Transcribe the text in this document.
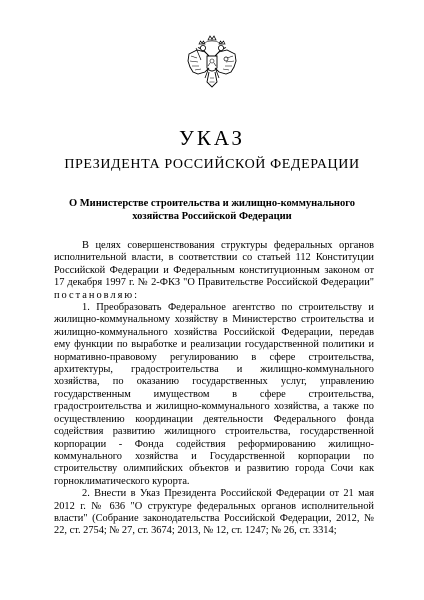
УКАЗ
ПРЕЗИДЕНТА РОССИЙСКОЙ ФЕДЕРАЦИИ
О Министерстве строительства и жилищно-коммунального хозяйства Российской Федерации

В целях совершенствования структуры федеральных органов исполнительной власти, в соответствии со статьей 112 Конституции Российской Федерации и Федеральным конституционным законом от 17 декабря 1997 г. № 2-ФКЗ "О Правительстве Российской Федерации" постановляю:

1. Преобразовать Федеральное агентство по строительству и жилищно-коммунальному хозяйству в Министерство строительства и жилищно-коммунального хозяйства Российской Федерации, передав ему функции по выработке и реализации государственной политики и нормативно-правовому регулированию в сфере строительства, архитектуры, градостроительства и жилищно-коммунального хозяйства, по оказанию государственных услуг, управлению государственным имуществом в сфере строительства, градостроительства и жилищно-коммунального хозяйства, а также по осуществлению координации деятельности Федерального фонда содействия развитию жилищного строительства, государственной корпорации - Фонда содействия реформированию жилищно-коммунального хозяйства и Государственной корпорации по строительству олимпийских объектов и развитию города Сочи как горноклиматического курорта.

2. Внести в Указ Президента Российской Федерации от 21 мая 2012 г. № 636 "О структуре федеральных органов исполнительной власти" (Собрание законодательства Российской Федерации, 2012, № 22, ст. 2754; № 27, ст. 3674; 2013, № 12, ст. 1247; № 26, ст. 3314;
